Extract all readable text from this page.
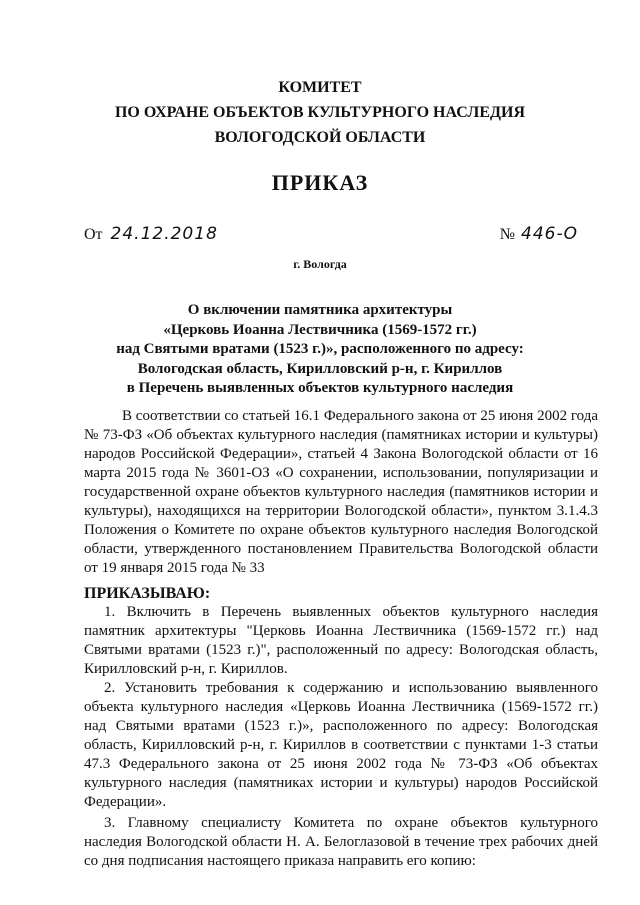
КОМИТЕТ
ПО ОХРАНЕ ОБЪЕКТОВ КУЛЬТУРНОГО НАСЛЕДИЯ
ВОЛОГОДСКОЙ ОБЛАСТИ
ПРИКАЗ
От 24.12.2018	№ 446-О
г. Вологда
О включении памятника архитектуры
«Церковь Иоанна Лествичника (1569-1572 гг.)
над Святыми вратами (1523 г.)», расположенного по адресу:
Вологодская область, Кирилловский р-н, г. Кириллов
в Перечень выявленных объектов культурного наследия

В соответствии со статьей 16.1 Федерального закона от 25 июня 2002 года № 73-ФЗ «Об объектах культурного наследия (памятниках истории и культуры) народов Российской Федерации», статьей 4 Закона Вологодской области от 16 марта 2015 года № 3601-ОЗ «О сохранении, использовании, популяризации и государственной охране объектов культурного наследия (памятников истории и культуры), находящихся на территории Вологодской области», пунктом 3.1.4.3 Положения о Комитете по охране объектов культурного наследия Вологодской области, утвержденного постановлением Правительства Вологодской области от 19 января 2015 года № 33

ПРИКАЗЫВАЮ:

1. Включить в Перечень выявленных объектов культурного наследия памятник архитектуры "Церковь Иоанна Лествичника (1569-1572 гг.) над Святыми вратами (1523 г.)", расположенный по адресу: Вологодская область, Кирилловский р-н, г. Кириллов.

2. Установить требования к содержанию и использованию выявленного объекта культурного наследия «Церковь Иоанна Лествичника (1569-1572 гг.) над Святыми вратами (1523 г.)», расположенного по адресу: Вологодская область, Кирилловский р-н, г. Кириллов в соответствии с пунктами 1-3 статьи 47.3 Федерального закона от 25 июня 2002 года № 73-ФЗ «Об объектах культурного наследия (памятниках истории и культуры) народов Российской Федерации».

3. Главному специалисту Комитета по охране объектов культурного наследия Вологодской области Н. А. Белоглазовой в течение трех рабочих дней со дня подписания настоящего приказа направить его копию:
